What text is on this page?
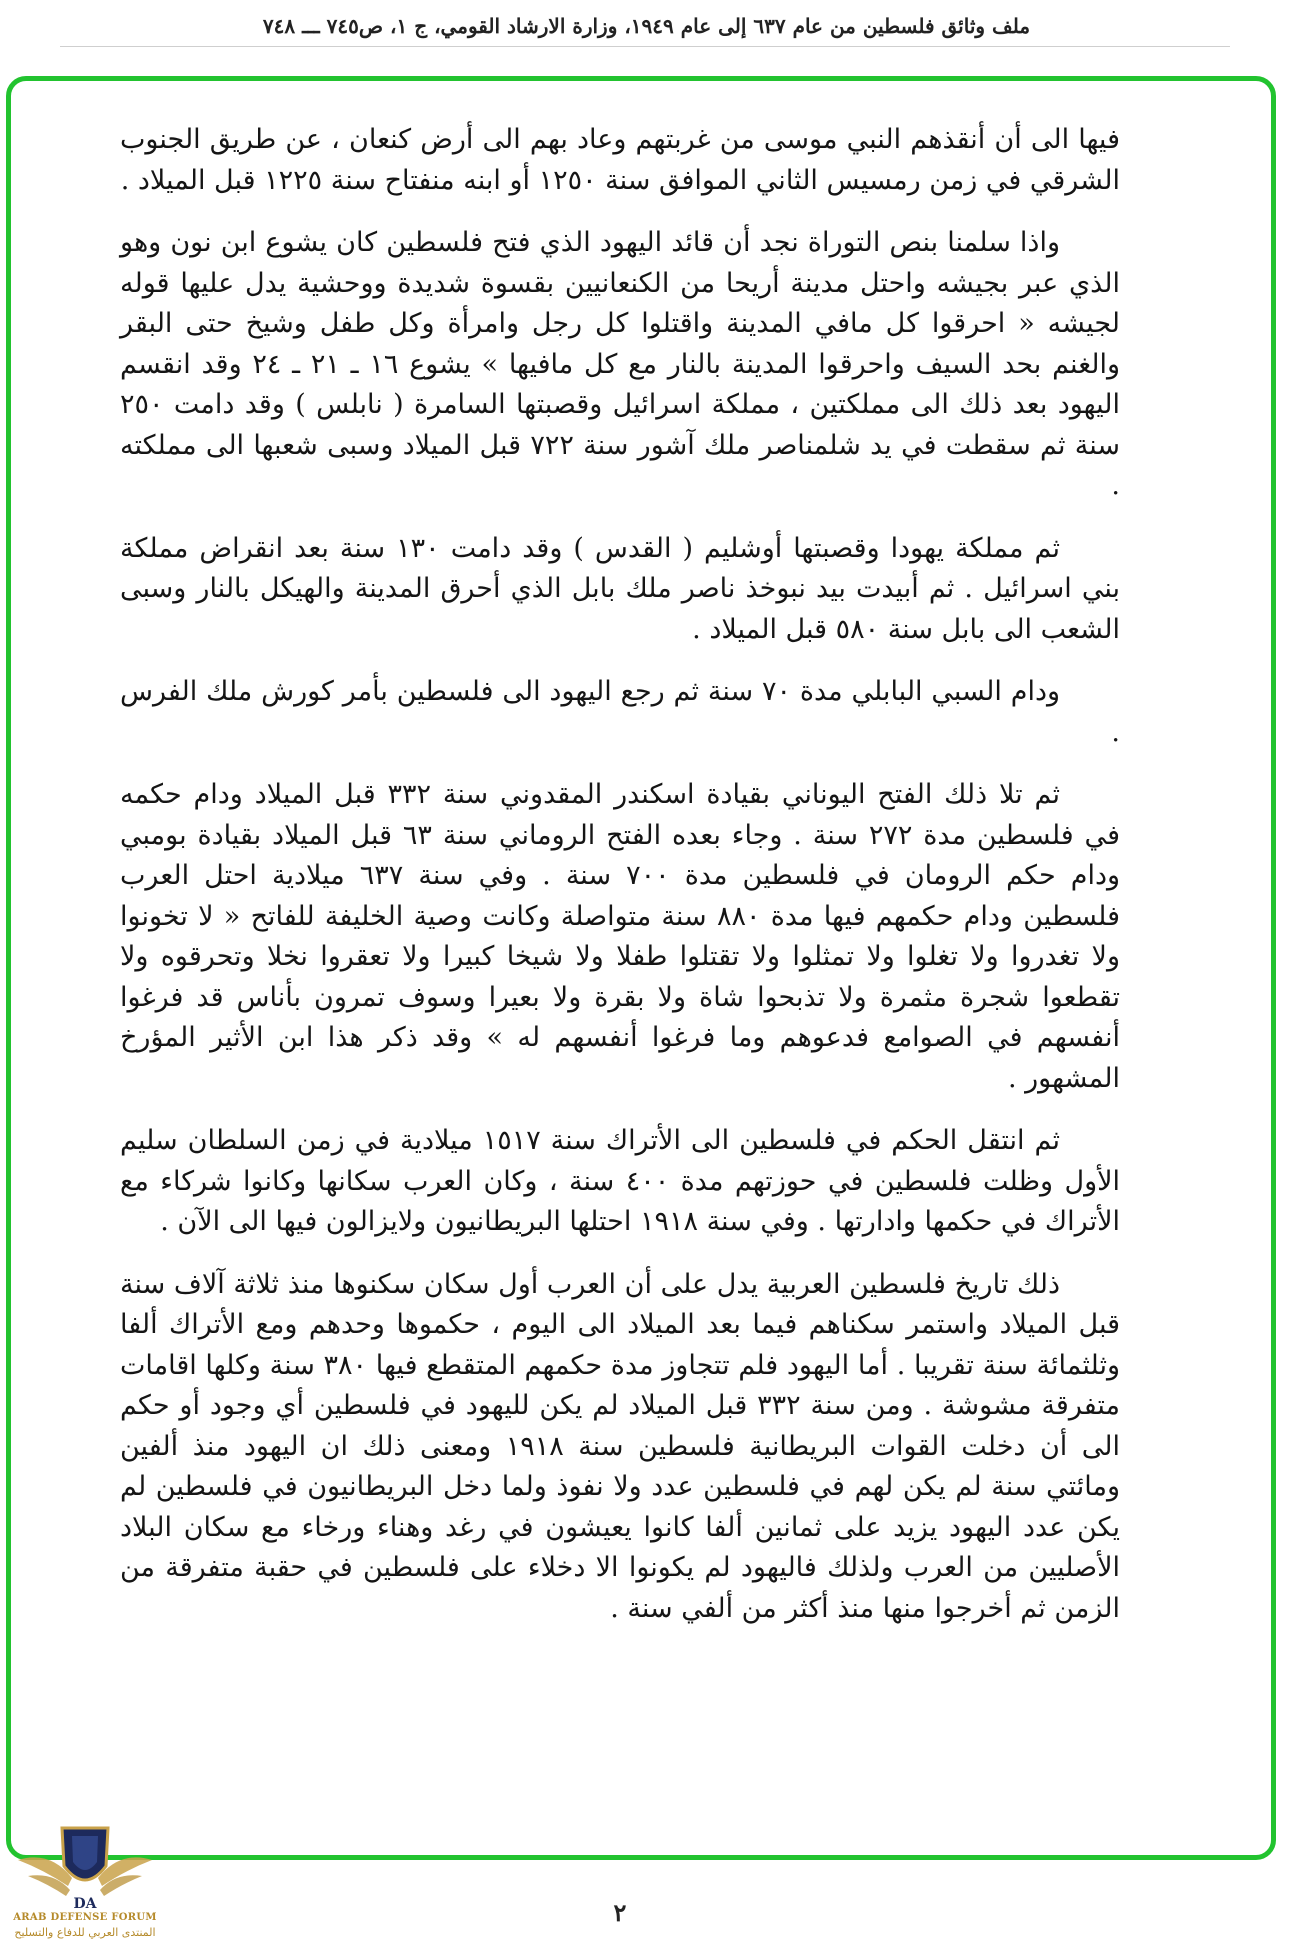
ملف وثائق فلسطين من عام ٦٣٧ إلى عام ١٩٤٩، وزارة الارشاد القومي، ج ١، ص٧٤٥ ـــ ٧٤٨

فيها الى أن أنقذهم النبي موسى من غربتهم وعاد بهم الى أرض كنعان ، عن طريق الجنوب الشرقي في زمن رمسيس الثاني الموافق سنة ١٢٥٠ أو ابنه منفتاح سنة ١٢٢٥ قبل الميلاد .

واذا سلمنا بنص التوراة نجد أن قائد اليهود الذي فتح فلسطين كان يشوع ابن نون وهو الذي عبر بجيشه واحتل مدينة أريحا من الكنعانيين بقسوة شديدة ووحشية يدل عليها قوله لجيشه « احرقوا كل مافي المدينة واقتلوا كل رجل وامرأة وكل طفل وشيخ حتى البقر والغنم بحد السيف واحرقوا المدينة بالنار مع كل مافيها » يشوع ١٦ ـ ٢١ ـ ٢٤ وقد انقسم اليهود بعد ذلك الى مملكتين ، مملكة اسرائيل وقصبتها السامرة ( نابلس ) وقد دامت ٢٥٠ سنة ثم سقطت في يد شلمناصر ملك آشور سنة ٧٢٢ قبل الميلاد وسبى شعبها الى مملكته .

ثم مملكة يهودا وقصبتها أوشليم ( القدس ) وقد دامت ١٣٠ سنة بعد انقراض مملكة بني اسرائيل . ثم أبيدت بيد نبوخذ ناصر ملك بابل الذي أحرق المدينة والهيكل بالنار وسبى الشعب الى بابل سنة ٥٨٠ قبل الميلاد .

ودام السبي البابلي مدة ٧٠ سنة ثم رجع اليهود الى فلسطين بأمر كورش ملك الفرس .

ثم تلا ذلك الفتح اليوناني بقيادة اسكندر المقدوني سنة ٣٣٢ قبل الميلاد ودام حكمه في فلسطين مدة ٢٧٢ سنة . وجاء بعده الفتح الروماني سنة ٦٣ قبل الميلاد بقيادة بومبي ودام حكم الرومان في فلسطين مدة ٧٠٠ سنة . وفي سنة ٦٣٧ ميلادية احتل العرب فلسطين ودام حكمهم فيها مدة ٨٨٠ سنة متواصلة وكانت وصية الخليفة للفاتح « لا تخونوا ولا تغدروا ولا تغلوا ولا تمثلوا ولا تقتلوا طفلا ولا شيخا كبيرا ولا تعقروا نخلا وتحرقوه ولا تقطعوا شجرة مثمرة ولا تذبحوا شاة ولا بقرة ولا بعيرا وسوف تمرون بأناس قد فرغوا أنفسهم في الصوامع فدعوهم وما فرغوا أنفسهم له » وقد ذكر هذا ابن الأثير المؤرخ المشهور .

ثم انتقل الحكم في فلسطين الى الأتراك سنة ١٥١٧ ميلادية في زمن السلطان سليم الأول وظلت فلسطين في حوزتهم مدة ٤٠٠ سنة ، وكان العرب سكانها وكانوا شركاء مع الأتراك في حكمها وادارتها . وفي سنة ١٩١٨ احتلها البريطانيون ولايزالون فيها الى الآن .

ذلك تاريخ فلسطين العربية يدل على أن العرب أول سكان سكنوها منذ ثلاثة آلاف سنة قبل الميلاد واستمر سكناهم فيما بعد الميلاد الى اليوم ، حكموها وحدهم ومع الأتراك ألفا وثلثمائة سنة تقريبا . أما اليهود فلم تتجاوز مدة حكمهم المتقطع فيها ٣٨٠ سنة وكلها اقامات متفرقة مشوشة . ومن سنة ٣٣٢ قبل الميلاد لم يكن لليهود في فلسطين أي وجود أو حكم الى أن دخلت القوات البريطانية فلسطين سنة ١٩١٨ ومعنى ذلك ان اليهود منذ ألفين ومائتي سنة لم يكن لهم في فلسطين عدد ولا نفوذ ولما دخل البريطانيون في فلسطين لم يكن عدد اليهود يزيد على ثمانين ألفا كانوا يعيشون في رغد وهناء ورخاء مع سكان البلاد الأصليين من العرب ولذلك فاليهود لم يكونوا الا دخلاء على فلسطين في حقبة متفرقة من الزمن ثم أخرجوا منها منذ أكثر من ألفي سنة .

DA
ARAB DEFENSE FORUM
المنتدى العربي للدفاع والتسليح
٢
